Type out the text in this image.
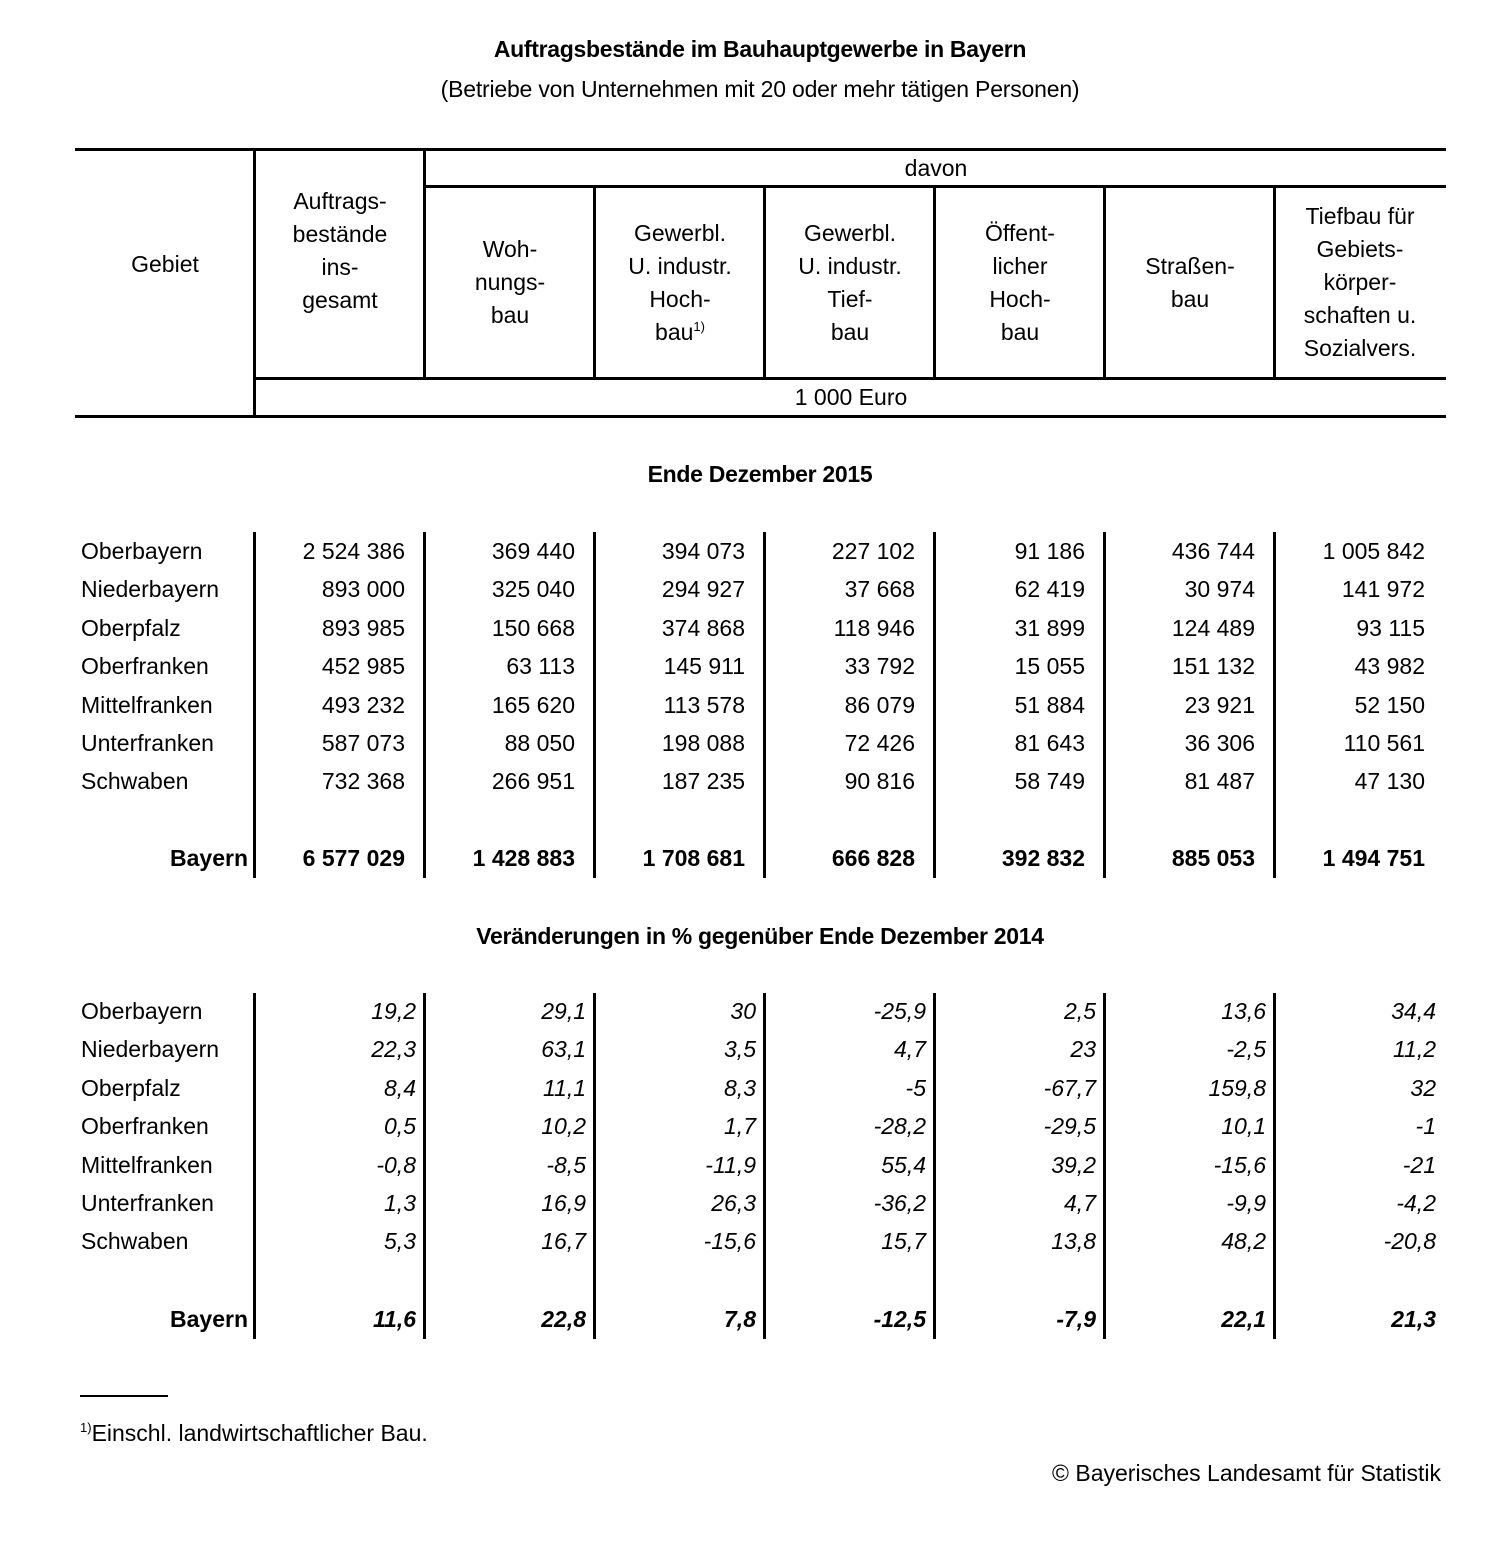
Auftragsbestände im Bauhauptgewerbe in Bayern
(Betriebe von Unternehmen mit 20 oder mehr tätigen Personen)
Gebiet
davon
1 000 Euro
Auftrags-
bestände
ins-
gesamt
Woh-
nungs-
bau
Gewerbl.
U. industr.
Hoch-
bau$^{1)}$
Gewerbl.
U. industr.
Tief-
bau
Öffent-
licher
Hoch-
bau
Straßen-
bau
Tiefbau für
Gebiets-
körper-
schaften u.
Sozialvers.
Ende Dezember 2015
Oberbayern	2 524 386	369 440	394 073	227 102	91 186	436 744	1 005 842
Niederbayern	893 000	325 040	294 927	37 668	62 419	30 974	141 972
Oberpfalz	893 985	150 668	374 868	118 946	31 899	124 489	93 115
Oberfranken	452 985	63 113	145 911	33 792	15 055	151 132	43 982
Mittelfranken	493 232	165 620	113 578	86 079	51 884	23 921	52 150
Unterfranken	587 073	88 050	198 088	72 426	81 643	36 306	110 561
Schwaben	732 368	266 951	187 235	90 816	58 749	81 487	47 130
Bayern 6 577 029	1 428 883	1 708 681	666 828	392 832	885 053	1 494 751
Veränderungen in % gegenüber Ende Dezember 2014
Oberbayern	19,2	29,1	30	-25,9	2,5	13,6	34,4
Niederbayern	22,3	63,1	3,5	4,7	23	-2,5	11,2
Oberpfalz	8,4	11,1	8,3	-5	-67,7	159,8	32
Oberfranken	0,5	10,2	1,7	-28,2	-29,5	10,1	-1
Mittelfranken	-0,8	-8,5	-11,9	55,4	39,2	-15,6	-21
Unterfranken	1,3	16,9	26,3	-36,2	4,7	-9,9	-4,2
Schwaben	5,3	16,7	-15,6	15,7	13,8	48,2	-20,8
Bayern	11,6	22,8	7,8	-12,5	-7,9	22,1	21,3
$^{1)}$Einschl. landwirtschaftlicher Bau.
© Bayerisches Landesamt für Statistik
